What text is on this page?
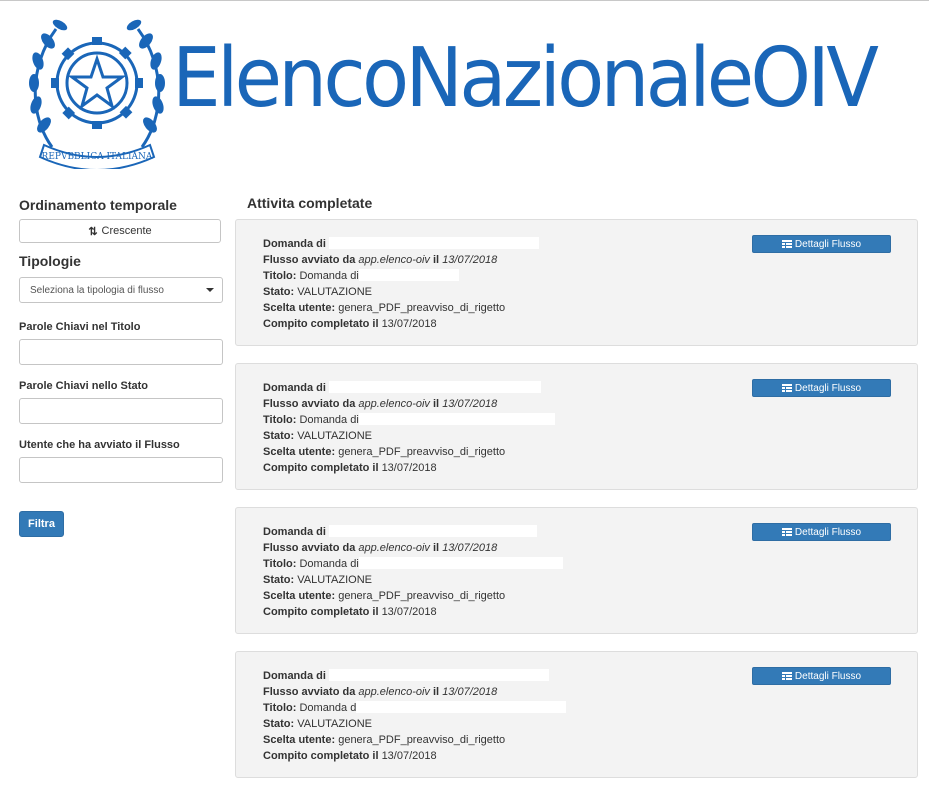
REPVBBLICA ITALIANA
ElencoNazionaleOIV
Ordinamento temporale
⇅ Crescente
Tipologie
Seleziona la tipologia di flusso
Parole Chiavi nel Titolo
Parole Chiavi nello Stato
Utente che ha avviato il Flusso
Filtra
Attivita completate
Domanda di
Flusso avviato da app.elenco-oiv il 13/07/2018
Titolo: Domanda di
Stato: VALUTAZIONE
Scelta utente: genera_PDF_preavviso_di_rigetto
Compito completato il 13/07/2018
Dettagli Flusso
Domanda di
Flusso avviato da app.elenco-oiv il 13/07/2018
Titolo: Domanda di
Stato: VALUTAZIONE
Scelta utente: genera_PDF_preavviso_di_rigetto
Compito completato il 13/07/2018
Dettagli Flusso
Domanda di
Flusso avviato da app.elenco-oiv il 13/07/2018
Titolo: Domanda di
Stato: VALUTAZIONE
Scelta utente: genera_PDF_preavviso_di_rigetto
Compito completato il 13/07/2018
Dettagli Flusso
Domanda di
Flusso avviato da app.elenco-oiv il 13/07/2018
Titolo: Domanda d
Stato: VALUTAZIONE
Scelta utente: genera_PDF_preavviso_di_rigetto
Compito completato il 13/07/2018
Dettagli Flusso
